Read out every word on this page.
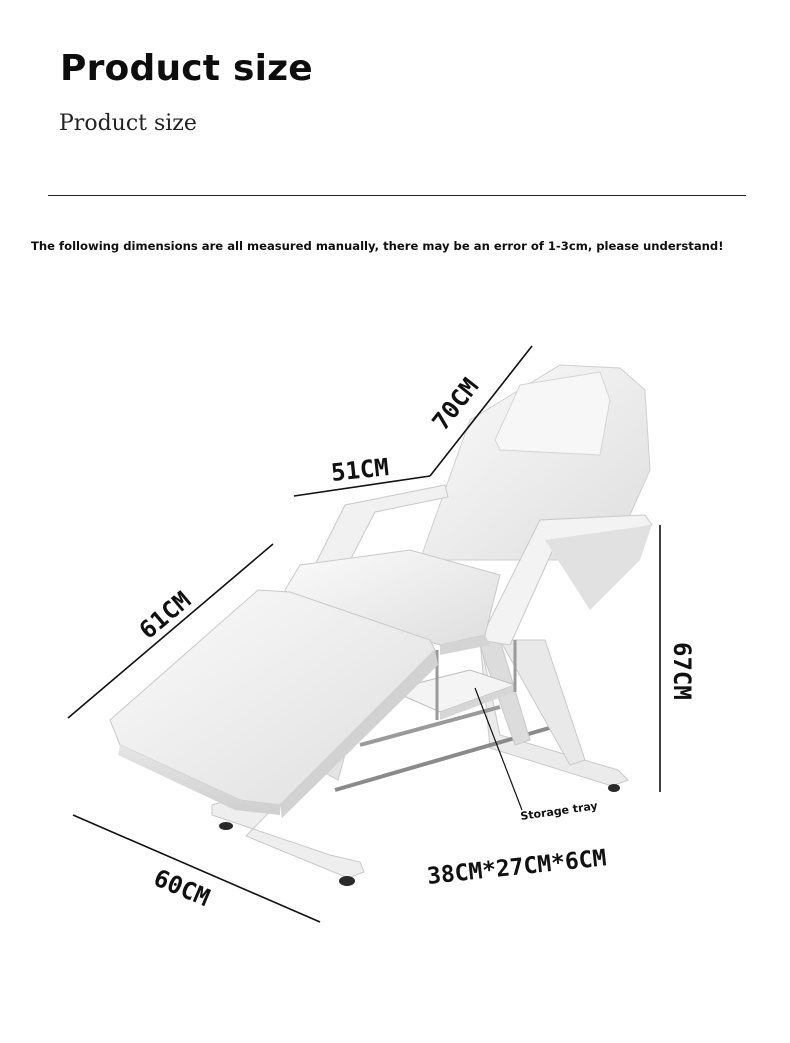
Product size
Product size
The following dimensions are all measured manually, there may be an error of 1-3cm, please understand!
70CM
51CM
61CM
60CM
67CM
Storage tray
38CM*27CM*6CM
